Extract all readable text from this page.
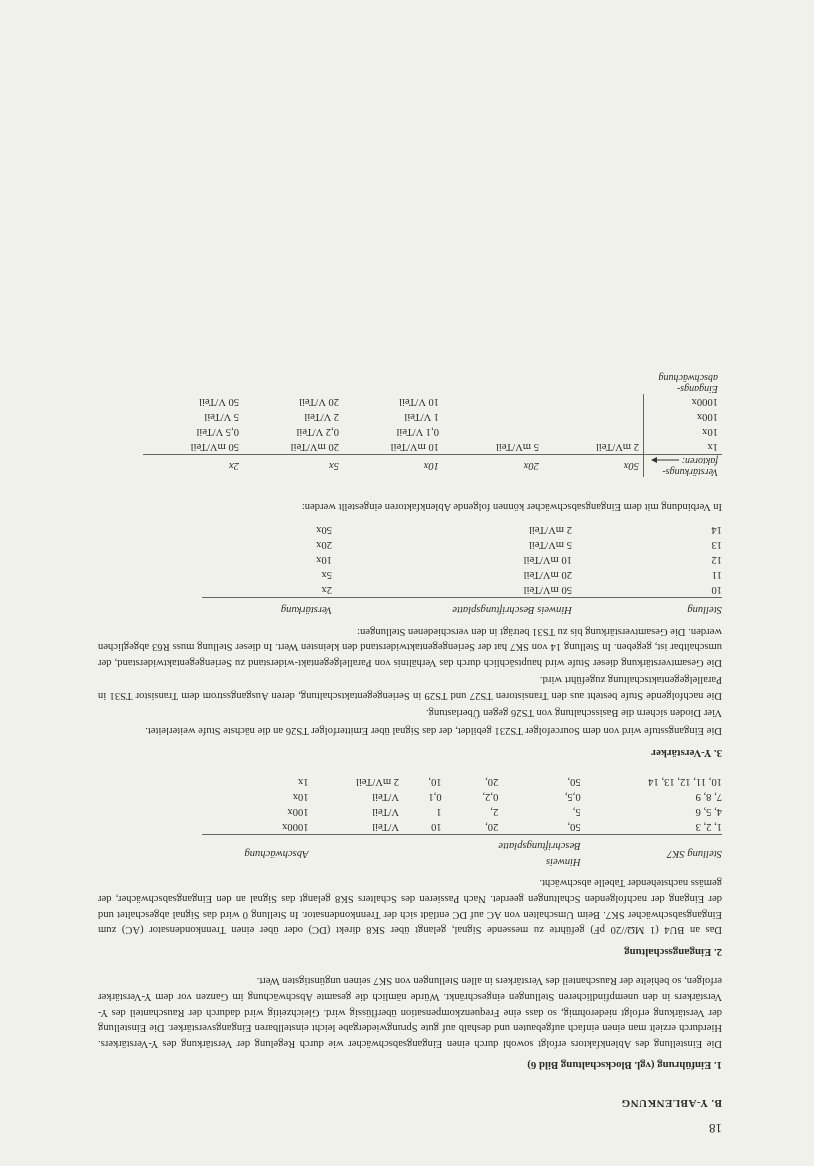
18
B. Y-ABLENKUNG
1. Einführung (vgl. Blockschaltung Bild 6)

Die Einstellung des Ablenkfaktors erfolgt sowohl durch einen Eingangsabschwächer wie durch Regelung der Verstärkung des Y-Verstärkers. Hierdurch erzielt man einen einfach aufgebauten und deshalb auf gute Sprungwiedergabe leicht einstellbaren Eingangsverstärker. Die Einstellung der Verstärkung erfolgt niederohmig, so dass eine Frequenzkompensation überflüssig wird. Gleichzeitig wird dadurch der Rauschanteil des Y-Verstärkers in den unempfindlicheren Stellungen eingeschränkt. Würde nämlich die gesamte Abschwächung im Ganzen vor dem Y-Verstärker erfolgen, so behielte der Rauschanteil des Verstärkers in allen Stellungen von SK7 seinen ungünstigsten Wert.

2. Eingangsschaltung

Das an BU4 (1 MΩ//20 pF) geführte zu messende Signal, gelangt über SK8 direkt (DC) oder über einen Trennkondensator (AC) zum Eingangsabschwächer SK7. Beim Umschalten von AC auf DC entlädt sich der Trennkondensator. In Stellung 0 wird das Signal abgeschaltet und der Eingang der nachfolgenden Schaltungen geerdet. Nach Passieren des Schalters SK8 gelangt das Signal an den Eingangsabschwächer, der gemäss nachstehender Tabelle abschwächt.

Stellung SK7	Hinweis Beschriftungsplatte				Abschwächung
1, 2, 3	50,	20,	10	V/Teil	1000x
4, 5, 6	5,	2,	1	V/Teil	100x
7, 8, 9	0,5,	0,2,	0,1	V/Teil	10x
10, 11, 12, 13, 14	50,	20,	10,	2 mV/Teil	1x
3. Y-Verstärker

Die Eingangsstufe wird von dem Sourcefolger TS231 gebildet, der das Signal über Emitterfolger TS26 an die nächste Stufe weiterleitet.

Vier Dioden sichern die Basisschaltung von TS26 gegen Überlastung.

Die nachfolgende Stufe besteht aus den Transistoren TS27 und TS29 in Seriengegentaktschaltung, deren Ausgangsstrom dem Transistor TS31 in Parallelgegentaktschaltung zugeführt wird.

Die Gesamtverstärkung dieser Stufe wird hauptsächlich durch das Verhältnis von Parallelgegentakt-widerstand zu Seriengegentaktwiderstand, der umschaltbar ist, gegeben. In Stellung 14 von SK7 hat der Seriengegentaktwiderstand den kleinsten Wert. In dieser Stellung muss R63 abgeglichen werden. Die Gesamtverstärkung bis zu TS31 beträgt in den verschiedenen Stellungen:

Stellung	Hinweis Beschriftungsplatte	Verstärkung
10	50 mV/Teil	2x
11	20 mV/Teil	5x
12	10 mV/Teil	10x
13	5 mV/Teil	20x
14	2 mV/Teil	50x

In Verbindung mit dem Eingangsabschwächer können folgende Ablenkfaktoren eingestellt werden:

Verstärkungs-faktoren:	50x	20x	10x	5x	2x
1x	2 mV/Teil	5 mV/Teil	10 mV/Teil	20 mV/Teil	50 mV/Teil
10x			0,1 V/Teil	0,2 V/Teil	0,5 V/Teil
100x			1 V/Teil	2 V/Teil	5 V/Teil
1000x			10 V/Teil	20 V/Teil	50 V/Teil
Eingangs-abschwächung					
